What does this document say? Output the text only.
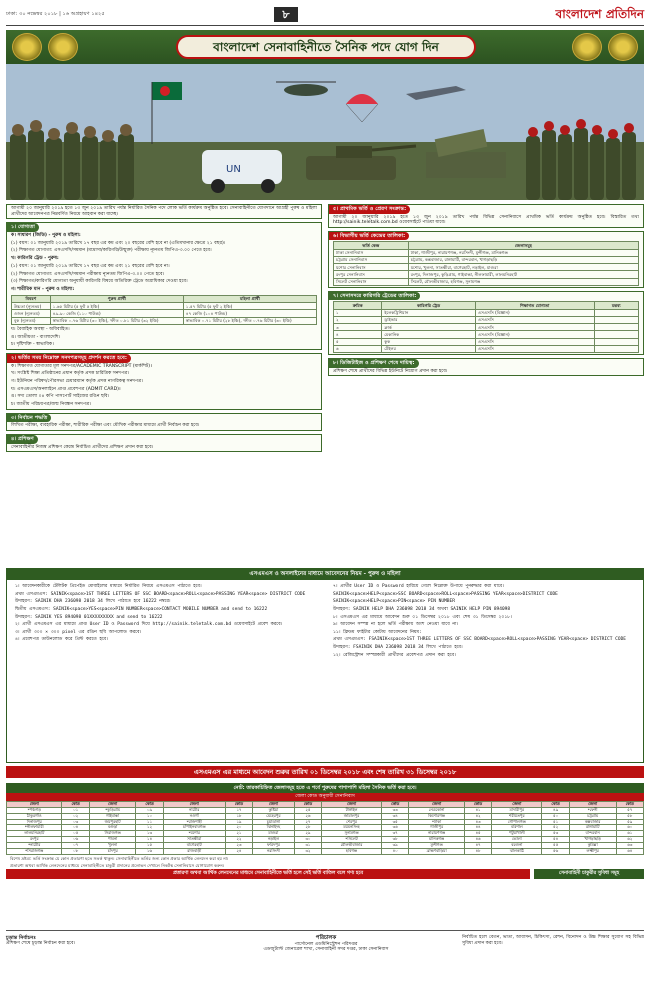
ঢাকা: ৩০ নভেম্বর ২০১৮ | ১৬ অগ্রহায়ণ ১৪২৫	৮	বাংলাদেশ প্রতিদিন
বাংলাদেশ সেনাবাহিনীতে সৈনিক পদে যোগ দিন
UN
আগামী ২০ জানুয়ারি ২০১৯ হতে ১৩ জুন ২০১৯ তারিখ পর্যন্ত নির্ধারিত সৈনিক পদে লোক ভর্তি কার্যক্রম অনুষ্ঠিত হবে। সেনাবাহিনীতে যোগদানে আগ্রহী পুরুষ ও মহিলা প্রার্থীদের আবেদনপত্র নিম্নবর্ণিত নিয়মে আহবান করা যাচ্ছে।
১। যোগ্যতা
ক। সাধারণ (জিডি) - পুরুষ ও মহিলা:
(১) বয়স: ০১ জানুয়ারি ২০১৯ তারিখে ১৭ বছর এর কম এবং ২০ বছরের বেশি হবে না (এতিমখানার ক্ষেত্রে ২১ বছর)।
(২) শিক্ষাগত যোগ্যতা: এসএসসি/সমমান (মাদ্রাসা/কারিগরি/উন্মুক্ত) পরীক্ষায় ন্যূনতম জিপিএ-৩.০০ পেতে হবে।
খ। কারিগরি ট্রেড - পুরুষ:
(১) বয়স: ০১ জানুয়ারি ২০১৯ তারিখে ১৭ বছর এর কম এবং ২১ বছরের বেশি হবে না।
(২) শিক্ষাগত যোগ্যতা: এসএসসি/সমমান পরীক্ষায় ন্যূনতম জিপিএ-৩.০০ পেতে হবে।
(৩) শিক্ষাগত/কারিগরি যোগ্যতা অনুযায়ী কারিগরি বিষয়ে অতিরিক্ত ট্রেডে অগ্রাধিকার দেওয়া হবে।
গ। শারীরিক মান - পুরুষ ও মহিলা:
বিবরণ	পুরুষ প্রার্থী	মহিলা প্রার্থী
উচ্চতা (ন্যূনতম)	১.৬৫ মিটার (৫ ফুট ৫ ইঞ্চি)	১.৫৭ মিটার (৫ ফুট ২ ইঞ্চি)
ওজন (ন্যূনতম)	৪৯.৯০ কেজি (১১০ পাউন্ড)	৪৭ কেজি (১০৪ পাউন্ড)
বুক (ন্যূনতম)	স্বাভাবিক ০.৭৬ মিটার (৩০ ইঞ্চি), স্ফীত ০.৮১ মিটার (৩২ ইঞ্চি)	স্বাভাবিক ০.৭১ মিটার (২৮ ইঞ্চি), স্ফীত ০.৭৬ মিটার (৩০ ইঞ্চি)
ঘ। বৈবাহিক অবস্থা - অবিবাহিত।
ঙ। জাতীয়তা - বাংলাদেশি।
চ। দৃষ্টিশক্তি - স্বাভাবিক।
২। ভর্তির সময় নিম্নোক্ত সনদপত্রসমূহ প্রদর্শন করতে হবে:
ক। শিক্ষাগত যোগ্যতার মূল সনদপত্র/ACADEMIC TRANSCRIPT (মার্কশিট)।
খ। সংশ্লিষ্ট শিক্ষা প্রতিষ্ঠানের প্রধান কর্তৃক প্রদত্ত চারিত্রিক সনদপত্র।
গ। ইউনিয়ন পরিষদ/পৌরসভা চেয়ারম্যান কর্তৃক প্রদত্ত নাগরিকত্ব সনদপত্র।
ঘ। এসএমএস/অনলাইনে প্রাপ্ত প্রবেশপত্র (ADMIT CARD)।
ঙ। সদ্য তোলা ০৪ কপি পাসপোর্ট সাইজের রঙিন ছবি।
চ। জাতীয় পরিচয়পত্র/জন্ম নিবন্ধন সনদপত্র।
৩। নির্বাচন পদ্ধতি
লিখিত পরীক্ষা, ব্যবহারিক পরীক্ষা, শারীরিক পরীক্ষা এবং মৌখিক পরীক্ষার মাধ্যমে প্রার্থী নির্বাচন করা হবে।
৪। প্রশিক্ষণ
সেনাবাহিনীর নিজস্ব প্রশিক্ষণ কেন্দ্রে নির্বাচিত প্রার্থীদের প্রশিক্ষণ প্রদান করা হবে।
৫। প্রাথমিক ভর্তি ও প্রেরণ সংক্রান্ত:
আগামী ২০ জানুয়ারি ২০১৯ হতে ১৩ জুন ২০১৯ তারিখ পর্যন্ত বিভিন্ন সেনানিবাসে প্রাথমিক ভর্তি কার্যক্রম অনুষ্ঠিত হবে। বিস্তারিত তথ্য http://sainik.teletalk.com.bd ওয়েবসাইটে পাওয়া যাবে।
৬। বিভাগীয় ভর্তি কেন্দ্রের তালিকা:
ভর্তি কেন্দ্র	জেলাসমূহ
ঢাকা সেনানিবাস	ঢাকা, গাজীপুর, নারায়ণগঞ্জ, নরসিংদী, মুন্সীগঞ্জ, মানিকগঞ্জ
চট্টগ্রাম সেনানিবাস	চট্টগ্রাম, কক্সবাজার, রাঙ্গামাটি, বান্দরবান, খাগড়াছড়ি
যশোর সেনানিবাস	যশোর, খুলনা, সাতক্ষীরা, বাগেরহাট, নড়াইল, মাগুরা
রংপুর সেনানিবাস	রংপুর, দিনাজপুর, কুড়িগ্রাম, গাইবান্ধা, নীলফামারী, লালমনিরহাট
সিলেট সেনানিবাস	সিলেট, মৌলভীবাজার, হবিগঞ্জ, সুনামগঞ্জ
৭। সেনাসদরে কারিগরি ট্রেডের তালিকা:
ক্রমিক	কারিগরি ট্রেড	শিক্ষাগত যোগ্যতা	মন্তব্য
১	ইলেকট্রিশিয়ান	এসএসসি (বিজ্ঞান)	
২	ড্রাইভার	এসএসসি	
৩	ক্লার্ক	এসএসসি	
৪	মেকানিক	এসএসসি (বিজ্ঞান)	
৫	কুক	এসএসসি	
৬	টেইলর	এসএসসি	
৮। ডিজিটাইজ ও প্রশিক্ষণ শেষে দায়িত্ব:
প্রশিক্ষণ শেষে প্রার্থীদের বিভিন্ন ইউনিটে নিয়োগ প্রদান করা হবে।
এসএমএস ও অনলাইনের মাধ্যমে আবেদনের নিয়ম - পুরুষ ও মহিলা
১। আবেদনকারীকে টেলিটক প্রিপেইড মোবাইলের মাধ্যমে নির্ধারিত নিয়মে এসএমএস পাঠাতে হবে।
প্রথম এসএমএস: SAINIK<space>1ST THREE LETTERS OF SSC BOARD<space>ROLL<space>PASSING YEAR<space> DISTRICT CODE
উদাহরণ: SAINIK DHA 236098 2018 34 লিখে পাঠাতে হবে 16222 নম্বরে।
দ্বিতীয় এসএমএস: SAINIK<space>YES<space>PIN NUMBER<space>CONTACT MOBILE NUMBER and send to 16222
উদাহরণ: SAINIK YES 894098 01XXXXXXXXX and send to 16222
২। প্রার্থী এসএমএস এর মাধ্যমে প্রাপ্ত User ID ও Password দিয়ে http://sainik.teletalk.com.bd ওয়েবসাইটে প্রবেশ করবে।
৩। প্রার্থী ৩০০ × ৩০০ pixel এর রঙিন ছবি আপলোড করবে।
৪। প্রবেশপত্র ডাউনলোড করে প্রিন্ট করতে হবে।
৭। প্রার্থীর User ID ও Password হারিয়ে গেলে নিম্নোক্ত উপায়ে পুনরুদ্ধার করা যাবে।
SAINIK<space>HELP<space>SSC BOARD<space>ROLL<space>PASSING YEAR<space>DISTRICT CODE
SAINIK<space>HELP<space>PIN<space> PIN NUMBER
উদাহরণ: SAINIK HELP DHA 236098 2018 34 অথবা SAINIK HELP PIN 894098
৮। এসএমএস এর মাধ্যমে আবেদন শুরু ০১ ডিসেম্বর ২০১৮ এবং শেষ ৩১ ডিসেম্বর ২০১৮।
৯। আবেদন সম্পন্ন না হলে ভর্তি পরীক্ষায় অংশ নেওয়া যাবে না।
১১। ফ্রিডম ফাইটার কোটায় আবেদনের নিয়ম:
প্রথম এসএমএস: FSAINIK<space>1ST THREE LETTERS OF SSC BOARD<space>ROLL<space>PASSING YEAR<space> DISTRICT CODE
উদাহরণ: FSAINIK DHA 236098 2018 34 লিখে পাঠাতে হবে।
১২। রেজিস্ট্রেশন সম্পন্নকারী প্রার্থীদের প্রবেশপত্র প্রদান করা হবে।
এসএমএস এর মাধ্যমে আবেদন শুরুর তারিখ ০১ ডিসেম্বর ২০১৮ এবং শেষ তারিখ ৩১ ডিসেম্বর ২০১৮
নোট: তারকাচিহ্নিত জেলাসমূহ হতে এ পর্বে পুরুষের পাশাপাশি মহিলা সৈনিক ভর্তি করা হবে।
জেলা কোড অনুযায়ী সেনানিবাস
জেলা	কোড	জেলা	কোড	জেলা	কোড	জেলা	কোড	জেলা	কোড	জেলা	কোড	জেলা	কোড	জেলা	কোড
*পঞ্চগড়	০১	*কুড়িগ্রাম	০৯	নাটোর	১৭	কুষ্টিয়া	২৫	টাঙ্গাইল	৩৩	নেত্রকোনা	৪১	মাদারীপুর	৪৯	*ফেনী	৫৭
ঠাকুরগাঁও	০২	গাইবান্ধা	১০	নওগাঁ	১৮	মেহেরপুর	২৬	জামালপুর	৩৪	কিশোরগঞ্জ	৪২	শরীয়তপুর	৫০	চট্টগ্রাম	৫৮
দিনাজপুর	০৩	জয়পুরহাট	১১	*রাজশাহী	১৯	চুয়াডাঙ্গা	২৭	শেরপুর	৩৫	*ঢাকা	৪৩	গোপালগঞ্জ	৫১	কক্সবাজার	৫৯
*নীলফামারী	০৪	বগুড়া	১২	চাঁপাইনবাবগঞ্জ	২০	ঝিনাইদহ	২৮	ময়মনসিংহ	৩৬	গাজীপুর	৪৪	বরিশাল	৫২	রাঙ্গামাটি	৬০
লালমনিরহাট	০৫	সিরাজগঞ্জ	১৩	*যশোর	২১	মাগুরা	২৯	সুনামগঞ্জ	৩৭	নারায়ণগঞ্জ	৪৫	পটুয়াখালী	৫৩	বান্দরবান	৬১
রংপুর	০৬	পাবনা	১৪	সাতক্ষীরা	২২	নড়াইল	৩০	*সিলেট	৩৮	মানিকগঞ্জ	৪৬	ভোলা	৫৪	খাগড়াছড়ি	৬২
*নাটোর	০৭	খুলনা	১৫	বাগেরহাট	২৩	ফরিদপুর	৩১	মৌলভীবাজার	৩৯	মুন্সীগঞ্জ	৪৭	বরগুনা	৫৫	কুমিল্লা	৬৩
*সিরাজগঞ্জ	০৮	চাঁদপুর	১৬	রাজবাড়ী	২৪	নরসিংদী	৩২	হবিগঞ্জ	৪০	ব্রাহ্মণবাড়িয়া	৪৮	ঝালকাঠি	৫৬	লক্ষ্মীপুর	৬৪
বিশেষ দ্রষ্টব্য: ভর্তি সংক্রান্ত যে কোন প্রতারণা হতে সতর্ক থাকুন। সেনাবাহিনীতে ভর্তির জন্য কোন প্রকার আর্থিক লেনদেন করা হয় না।
প্রতারণা অথবা আর্থিক লেনদেনের মাধ্যমে সেনাবাহিনীতে চাকুরী প্রদানের প্রলোভন দেখালে নিকটস্থ সেনানিবাসে যোগাযোগ করুন।
প্রতারণা অথবা আর্থিক লেনদেনের মাধ্যমে সেনাবাহিনীতে ভর্তি হলে সেই ভর্তি বাতিল বলে গণ্য হবে	সেনাবাহিনী চাকুরীর সুবিধা সমূহ
চূড়ান্ত নির্বাচনঃ
প্রশিক্ষণ শেষে চূড়ান্ত নির্বাচন করা হবে।
পরিচালক
পার্সোনেল এডমিনিস্ট্রেশন পরিদপ্তর
এডজুট্যান্ট জেনারেল শাখা, সেনাবাহিনী সদর দপ্তর, ঢাকা সেনানিবাস
নির্বাচিত হলে বেতন, ভাতা, আবাসন, চিকিৎসা, রেশন, বিনোদন ও উচ্চ শিক্ষার সুযোগ সহ বিভিন্ন সুবিধা প্রদান করা হবে।
